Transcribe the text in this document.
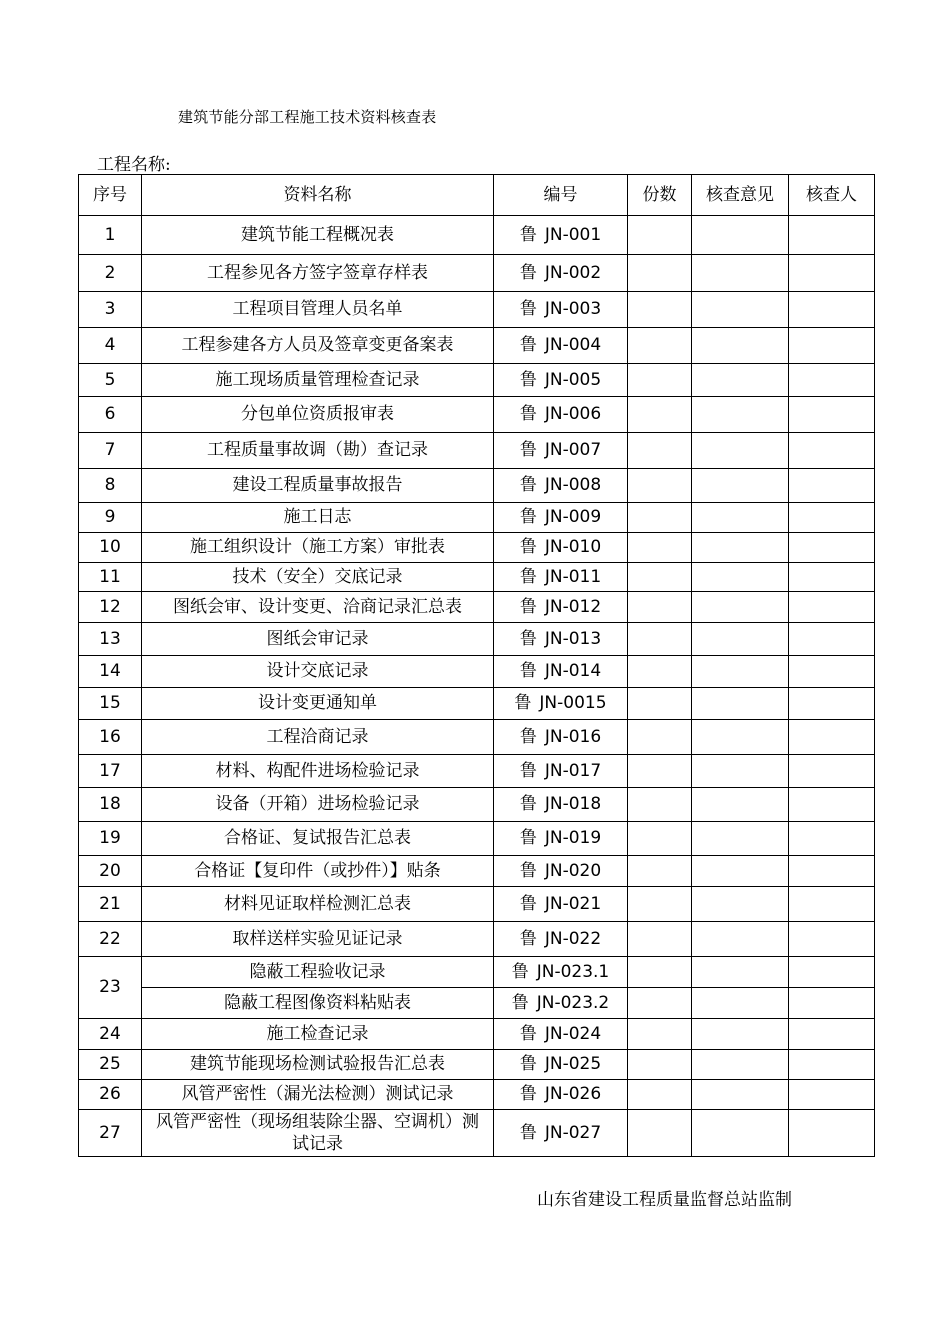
建筑节能分部工程施工技术资料核查表
工程名称:
序号	资料名称	编号	份数	核查意见	核查人
1	建筑节能工程概况表	鲁 JN-001			
2	工程参见各方签字签章存样表	鲁 JN-002			
3	工程项目管理人员名单	鲁 JN-003			
4	工程参建各方人员及签章变更备案表	鲁 JN-004			
5	施工现场质量管理检查记录	鲁 JN-005			
6	分包单位资质报审表	鲁 JN-006			
7	工程质量事故调（勘）查记录	鲁 JN-007			
8	建设工程质量事故报告	鲁 JN-008			
9	施工日志	鲁 JN-009			
10	施工组织设计（施工方案）审批表	鲁 JN-010			
11	技术（安全）交底记录	鲁 JN-011			
12	图纸会审、设计变更、洽商记录汇总表	鲁 JN-012			
13	图纸会审记录	鲁 JN-013			
14	设计交底记录	鲁 JN-014			
15	设计变更通知单	鲁 JN-0015			
16	工程洽商记录	鲁 JN-016			
17	材料、构配件进场检验记录	鲁 JN-017			
18	设备（开箱）进场检验记录	鲁 JN-018			
19	合格证、复试报告汇总表	鲁 JN-019			
20	合格证【复印件（或抄件）】贴条	鲁 JN-020			
21	材料见证取样检测汇总表	鲁 JN-021			
22	取样送样实验见证记录	鲁 JN-022			
23	隐蔽工程验收记录	鲁 JN-023.1			
	隐蔽工程图像资料粘贴表	鲁 JN-023.2			
24	施工检查记录	鲁 JN-024			
25	建筑节能现场检测试验报告汇总表	鲁 JN-025			
26	风管严密性（漏光法检测）测试记录	鲁 JN-026			
27	风管严密性（现场组装除尘器、空调机）测试记录	鲁 JN-027			
山东省建设工程质量监督总站监制
